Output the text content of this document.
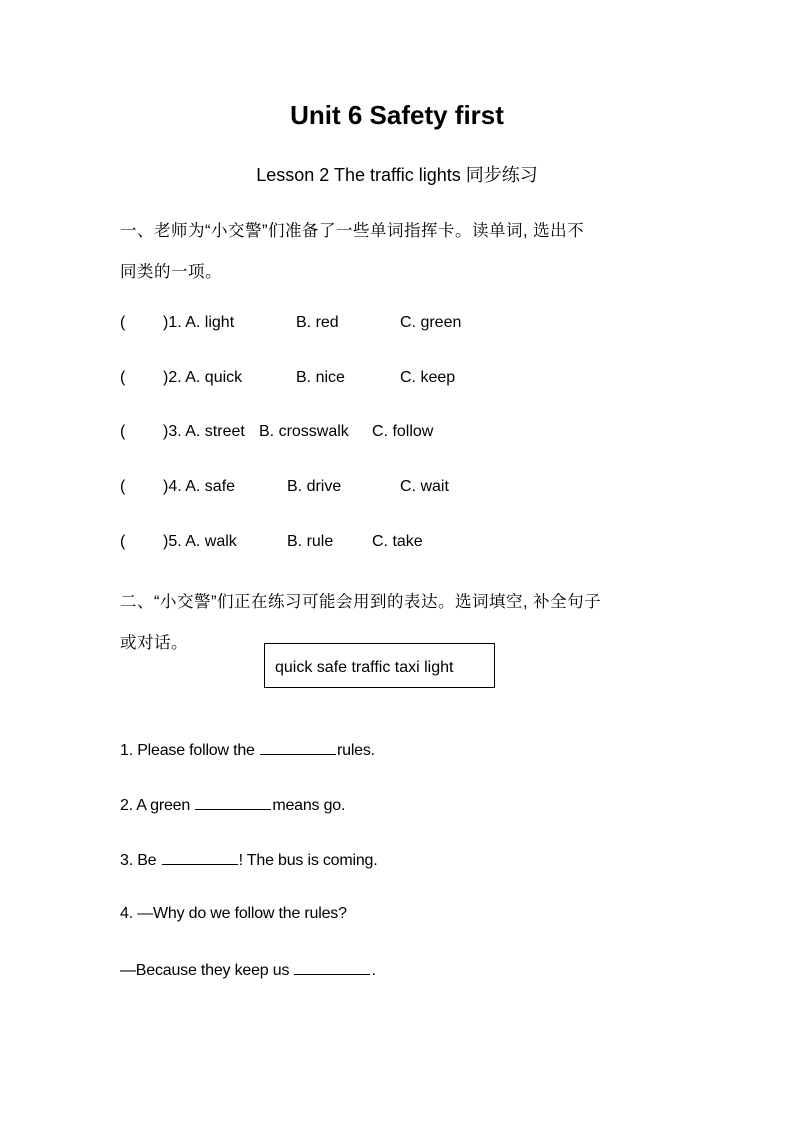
Unit 6 Safety first
Lesson 2 The traffic lights 同步练习
一、老师为“小交警”们准备了一些单词指挥卡。读单词, 选出不
同类的一项。
( )1. A. light	B. red	C. green
( )2. A. quick	B. nice	C. keep
( )3. A. street B. crosswalk C. follow
( )4. A. safe	B. drive	C. wait
( )5. A. walk	B. rule C. take
二、“小交警”们正在练习可能会用到的表达。选词填空, 补全句子
或对话。
quick safe traffic taxi light
1. Please follow the	rules.
2. A green	means go.
3. Be	! The bus is coming.
4. —Why do we follow the rules?
—Because they keep us	.
